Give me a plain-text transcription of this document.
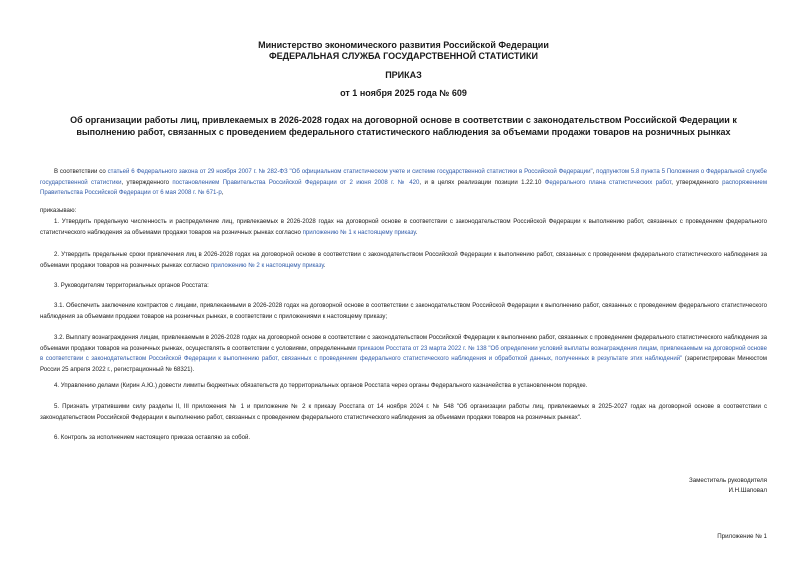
Министерство экономического развития Российской Федерации
ФЕДЕРАЛЬНАЯ СЛУЖБА ГОСУДАРСТВЕННОЙ СТАТИСТИКИ
ПРИКАЗ
от 1 ноября 2025 года № 609
Об организации работы лиц, привлекаемых в 2026-2028 годах на договорной основе в соответствии с законодательством Российской Федерации к выполнению работ, связанных с проведением федерального статистического наблюдения за объемами продажи товаров на розничных рынках
В соответствии со статьей 6 Федерального закона от 29 ноября 2007 г. № 282-ФЗ "Об официальном статистическом учете и системе государственной статистики в Российской Федерации", подпунктом 5.8 пункта 5 Положения о Федеральной службе государственной статистики, утвержденного постановлением Правительства Российской Федерации от 2 июня 2008 г. № 420, и в целях реализации позиции 1.22.10 Федерального плана статистических работ, утвержденного распоряжением Правительства Российской Федерации от 6 мая 2008 г. № 671-р,
приказываю:
1. Утвердить предельную численность и распределение лиц, привлекаемых в 2026-2028 годах на договорной основе в соответствии с законодательством Российской Федерации к выполнению работ, связанных с проведением федерального статистического наблюдения за объемами продажи товаров на розничных рынках согласно приложению № 1 к настоящему приказу.
2. Утвердить предельные сроки привлечения лиц в 2026-2028 годах на договорной основе в соответствии с законодательством Российской Федерации к выполнению работ, связанных с проведением федерального статистического наблюдения за объемами продажи товаров на розничных рынках согласно приложению № 2 к настоящему приказу.
3. Руководителям территориальных органов Росстата:
3.1. Обеспечить заключение контрактов с лицами, привлекаемыми в 2026-2028 годах на договорной основе в соответствии с законодательством Российской Федерации к выполнению работ, связанных с проведением федерального статистического наблюдения за объемами продажи товаров на розничных рынках, в соответствии с приложениями к настоящему приказу;
3.2. Выплату вознаграждения лицам, привлекаемым в 2026-2028 годах на договорной основе в соответствии с законодательством Российской Федерации к выполнению работ, связанных с проведением федерального статистического наблюдения за объемами продажи товаров на розничных рынках, осуществлять в соответствии с условиями, определенными приказом Росстата от 23 марта 2022 г. № 138 "Об определении условий выплаты вознаграждения лицам, привлекаемым на договорной основе в соответствии с законодательством Российской Федерации к выполнению работ, связанных с проведением федерального статистического наблюдения и обработкой данных, полученных в результате этих наблюдений" (зарегистрирован Минюстом России 25 апреля 2022 г., регистрационный № 68321).
4. Управлению делами (Кирин А.Ю.) довести лимиты бюджетных обязательств до территориальных органов Росстата через органы Федерального казначейства в установленном порядке.
5. Признать утратившими силу разделы II, III приложения № 1 и приложение № 2 к приказу Росстата от 14 ноября 2024 г. № 548 "Об организации работы лиц, привлекаемых в 2025-2027 годах на договорной основе в соответствии с законодательством Российской Федерации к выполнению работ, связанных с проведением федерального статистического наблюдения за объемами продажи товаров на розничных рынках".
6. Контроль за исполнением настоящего приказа оставляю за собой.
Заместитель руководителя
И.Н.Шаповал
Приложение № 1
